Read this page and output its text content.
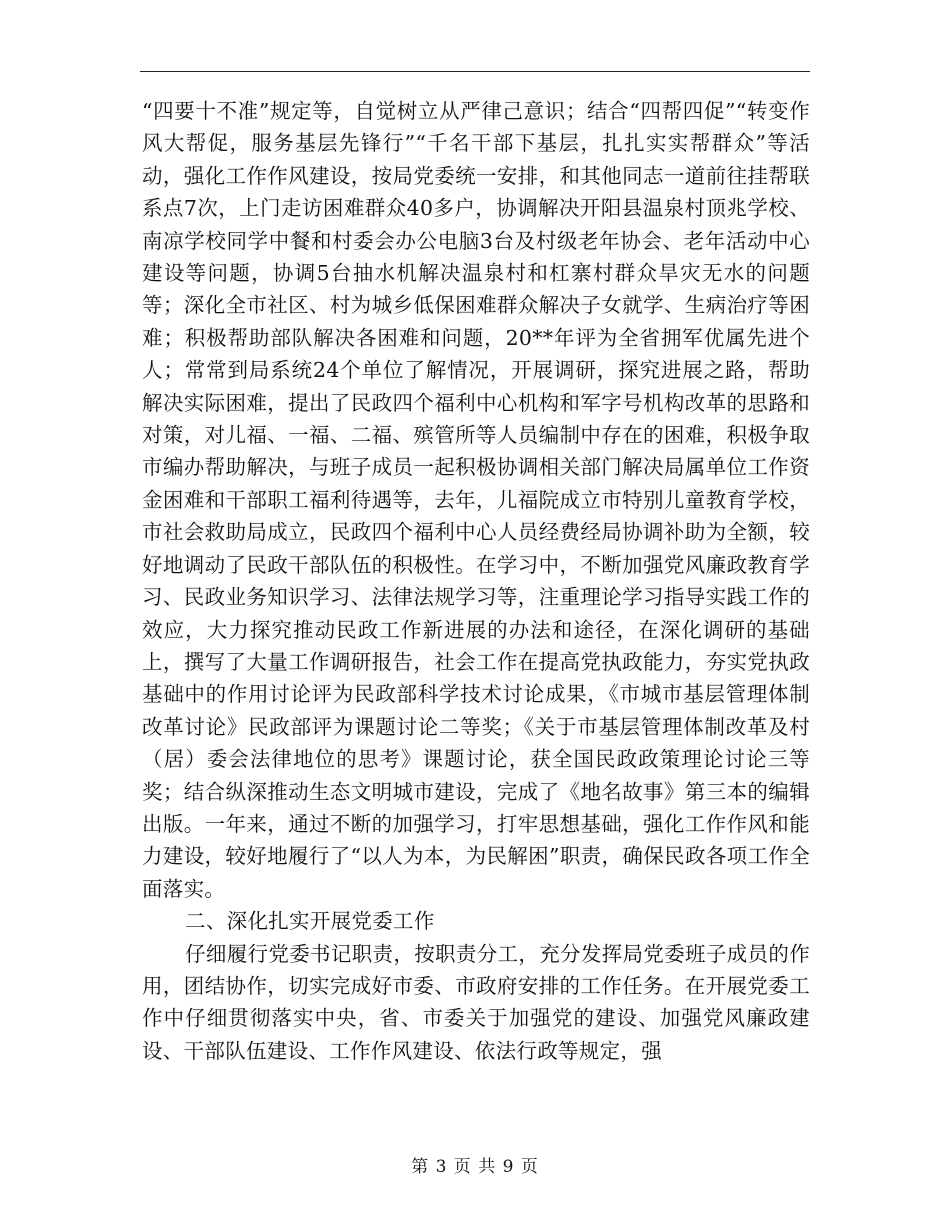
“四要十不准”规定等，自觉树立从严律己意识；结合“四帮四促”“转变作风大帮促，服务基层先锋行”“千名干部下基层，扎扎实实帮群众”等活动，强化工作作风建设，按局党委统一安排，和其他同志一道前往挂帮联系点7次，上门走访困难群众40多户，协调解决开阳县温泉村顶兆学校、南凉学校同学中餐和村委会办公电脑3台及村级老年协会、老年活动中心建设等问题，协调5台抽水机解决温泉村和杠寨村群众旱灾无水的问题等；深化全市社区、村为城乡低保困难群众解决子女就学、生病治疗等困难；积极帮助部队解决各困难和问题，20**年评为全省拥军优属先进个人；常常到局系统24个单位了解情况，开展调研，探究进展之路，帮助解决实际困难，提出了民政四个福利中心机构和军字号机构改革的思路和对策，对儿福、一福、二福、殡管所等人员编制中存在的困难，积极争取市编办帮助解决，与班子成员一起积极协调相关部门解决局属单位工作资金困难和干部职工福利待遇等，去年，儿福院成立市特别儿童教育学校，市社会救助局成立，民政四个福利中心人员经费经局协调补助为全额，较好地调动了民政干部队伍的积极性。在学习中，不断加强党风廉政教育学习、民政业务知识学习、法律法规学习等，注重理论学习指导实践工作的效应，大力探究推动民政工作新进展的办法和途径，在深化调研的基础上，撰写了大量工作调研报告，社会工作在提高党执政能力，夯实党执政基础中的作用讨论评为民政部科学技术讨论成果，《市城市基层管理体制改革讨论》民政部评为课题讨论二等奖；《关于市基层管理体制改革及村（居）委会法律地位的思考》课题讨论，获全国民政政策理论讨论三等奖；结合纵深推动生态文明城市建设，完成了《地名故事》第三本的编辑出版。一年来，通过不断的加强学习，打牢思想基础，强化工作作风和能力建设，较好地履行了“以人为本，为民解困”职责，确保民政各项工作全面落实。

二、深化扎实开展党委工作

仔细履行党委书记职责，按职责分工，充分发挥局党委班子成员的作用，团结协作，切实完成好市委、市政府安排的工作任务。在开展党委工作中仔细贯彻落实中央，省、市委关于加强党的建设、加强党风廉政建设、干部队伍建设、工作作风建设、依法行政等规定，强

第 3 页 共 9 页
